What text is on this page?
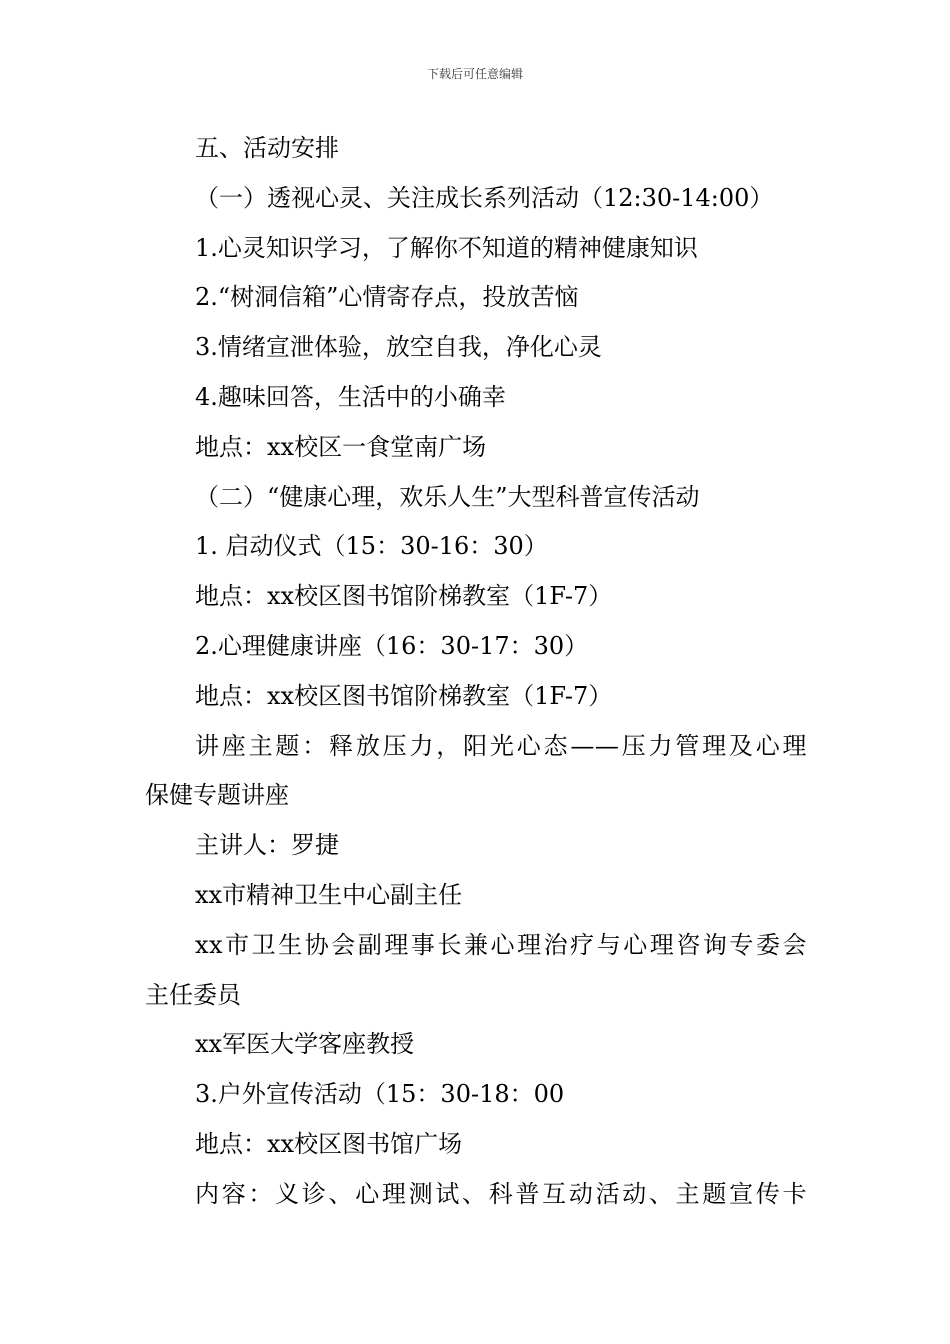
下载后可任意编辑

五、活动安排

（一）透视心灵、关注成长系列活动（12:30-14:00）

1.心灵知识学习，了解你不知道的精神健康知识

2.“树洞信箱”心情寄存点，投放苦恼

3.情绪宣泄体验，放空自我，净化心灵

4.趣味回答，生活中的小确幸

地点：xx校区一食堂南广场

（二）“健康心理，欢乐人生”大型科普宣传活动

1. 启动仪式（15：30-16：30）

地点：xx校区图书馆阶梯教室（1F-7）

2.心理健康讲座（16：30-17：30）

地点：xx校区图书馆阶梯教室（1F-7）

讲座主题：释放压力，阳光心态——压力管理及心理

保健专题讲座

主讲人：罗捷

xx市精神卫生中心副主任

xx市卫生协会副理事长兼心理治疗与心理咨询专委会

主任委员

xx军医大学客座教授

3.户外宣传活动（15：30-18：00

地点：xx校区图书馆广场

内容：义诊、心理测试、科普互动活动、主题宣传卡
